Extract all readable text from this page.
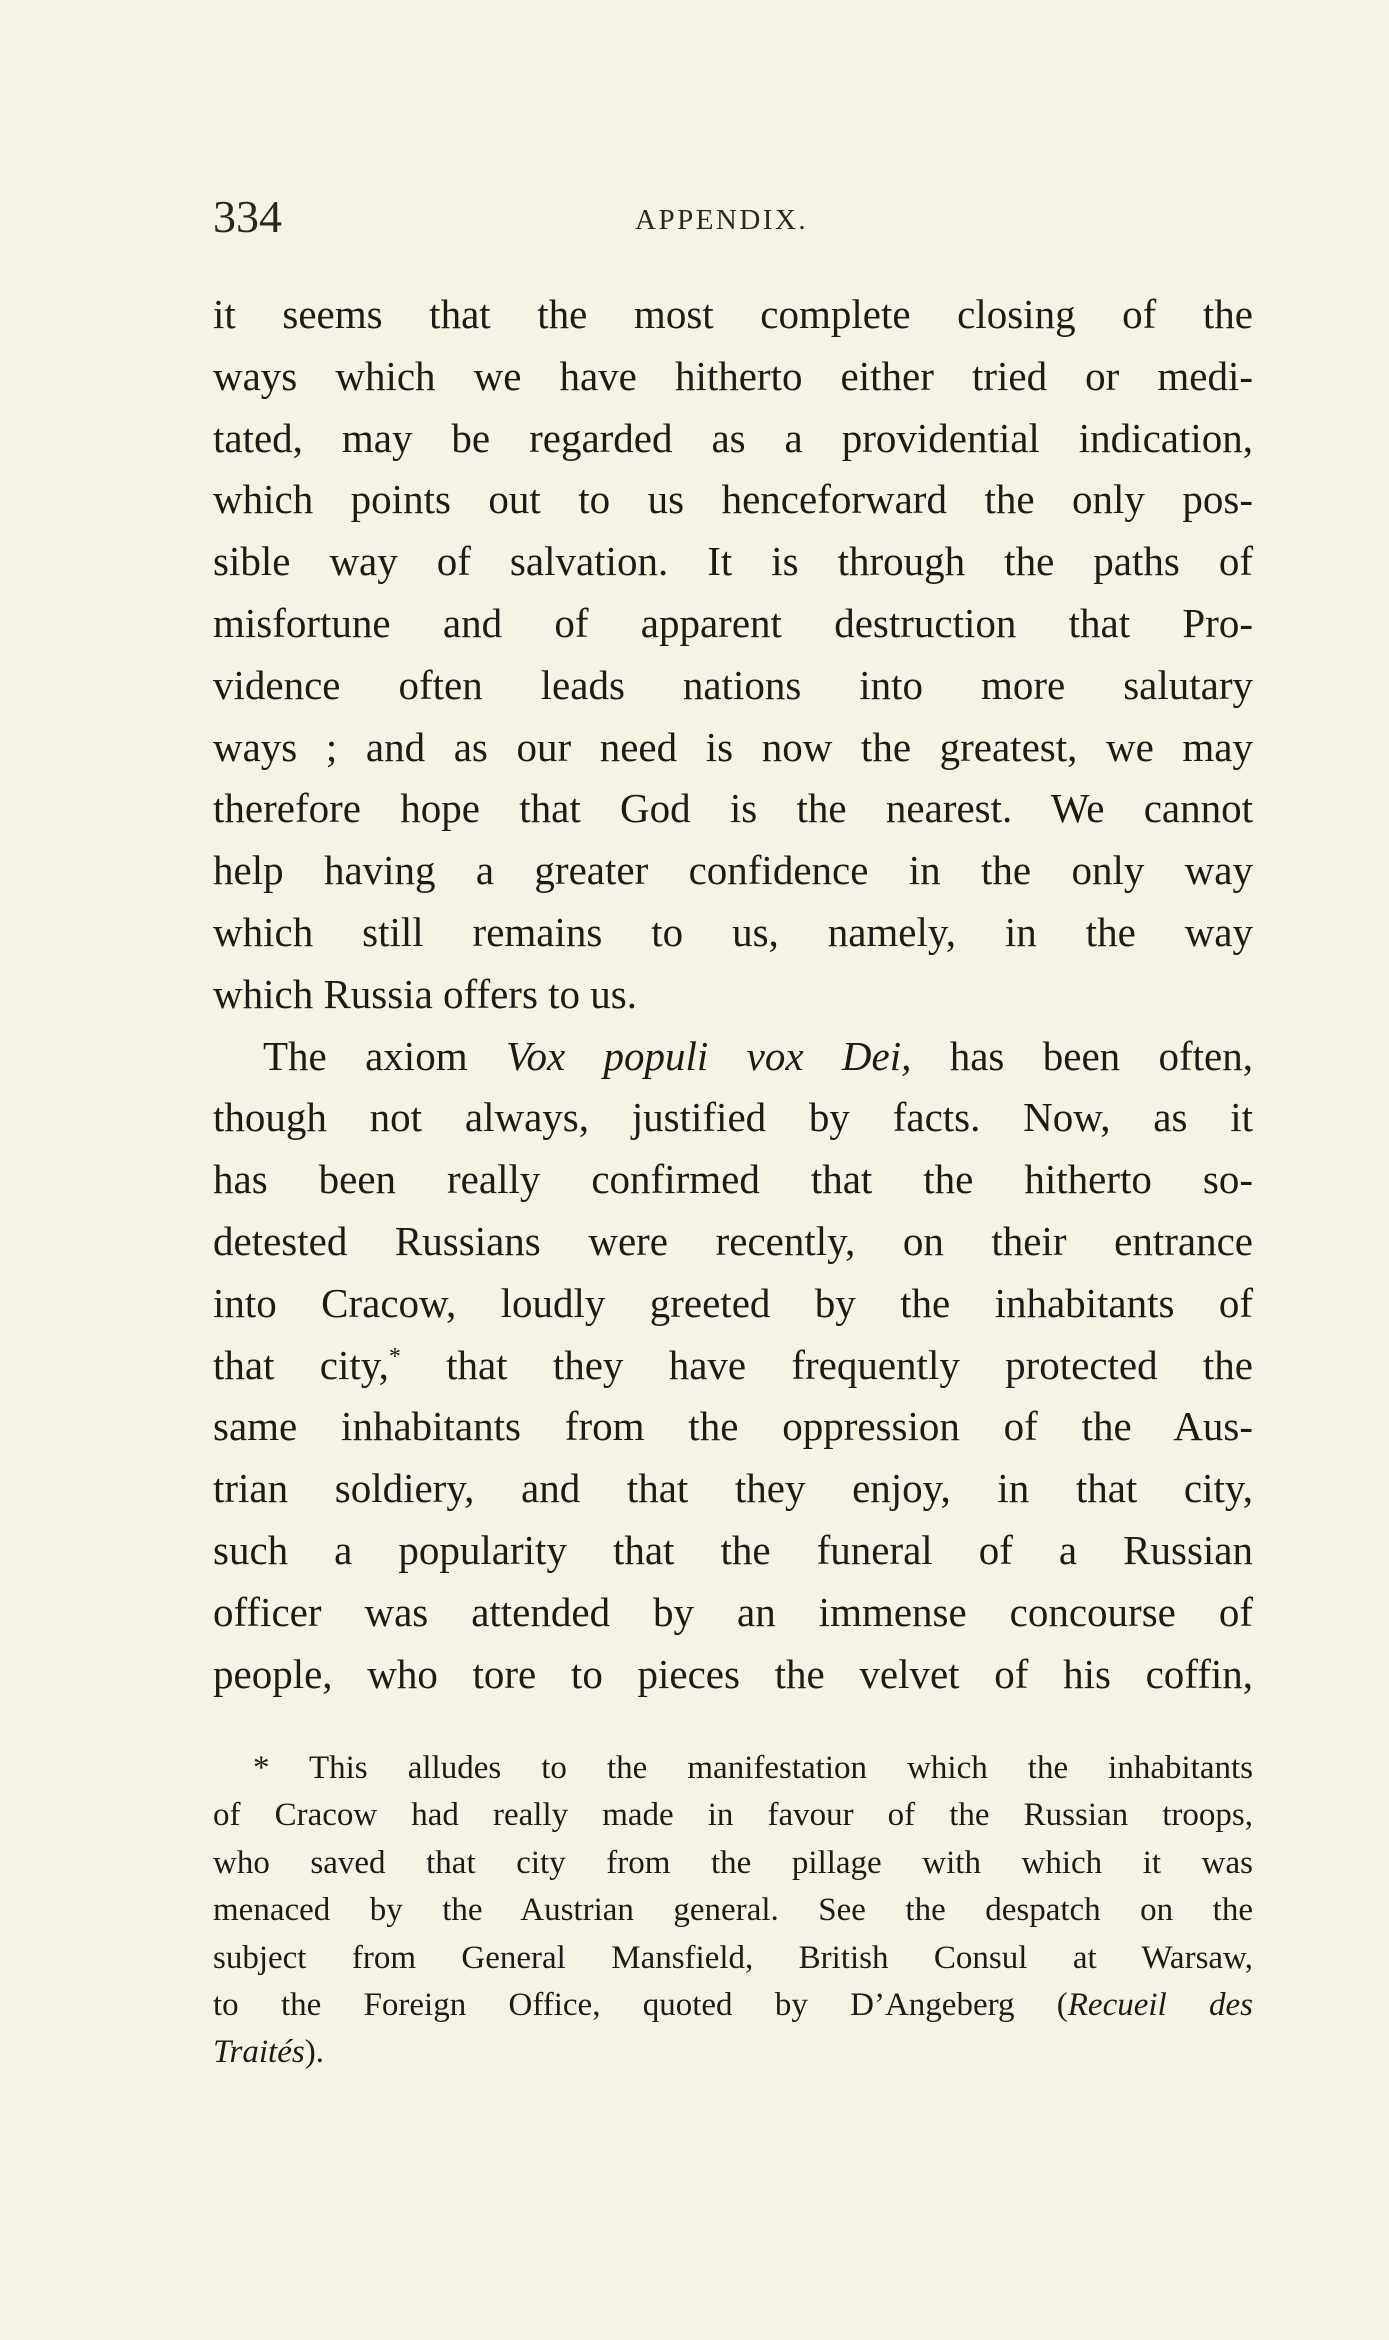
334	APPENDIX.
it seems that the most complete closing of the
ways which we have hitherto either tried or medi-
tated, may be regarded as a providential indication,
which points out to us henceforward the only pos-
sible way of salvation. It is through the paths of
misfortune and of apparent destruction that Pro-
vidence often leads nations into more salutary
ways ; and as our need is now the greatest, we may
therefore hope that God is the nearest. We cannot
help having a greater confidence in the only way
which still remains to us, namely, in the way
which Russia offers to us.
The axiom Vox populi vox Dei, has been often,
though not always, justified by facts. Now, as it
has been really confirmed that the hitherto so-
detested Russians were recently, on their entrance
into Cracow, loudly greeted by the inhabitants of
that city,* that they have frequently protected the
same inhabitants from the oppression of the Aus-
trian soldiery, and that they enjoy, in that city,
such a popularity that the funeral of a Russian
officer was attended by an immense concourse of
people, who tore to pieces the velvet of his coffin,
* This alludes to the manifestation which the inhabitants
of Cracow had really made in favour of the Russian troops,
who saved that city from the pillage with which it was
menaced by the Austrian general. See the despatch on the
subject from General Mansfield, British Consul at Warsaw,
to the Foreign Office, quoted by D’Angeberg (Recueil des
Traités).
